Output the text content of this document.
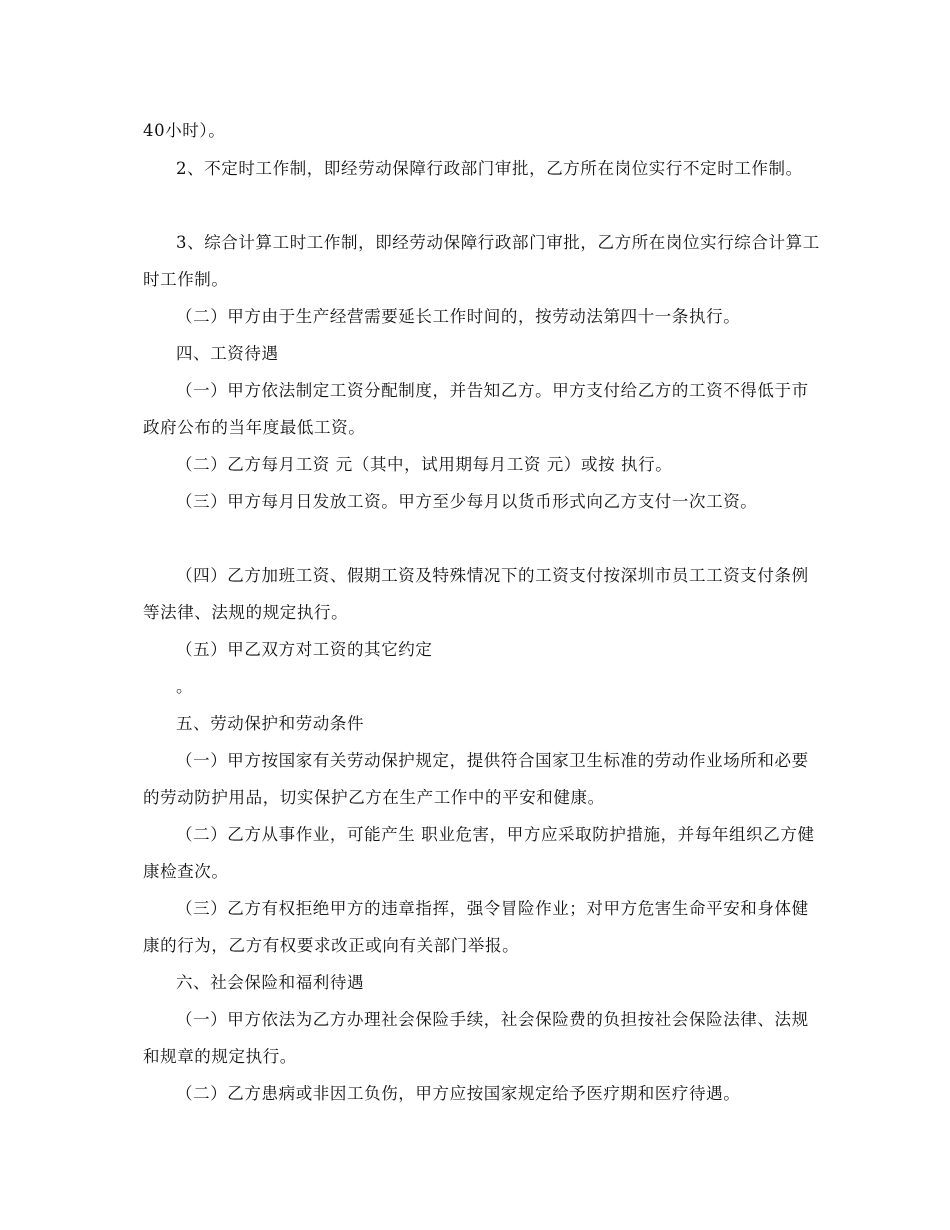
40小时）。

2、不定时工作制，即经劳动保障行政部门审批，乙方所在岗位实行不定时工作制。

3、综合计算工时工作制，即经劳动保障行政部门审批，乙方所在岗位实行综合计算工时工作制。

（二）甲方由于生产经营需要延长工作时间的，按劳动法第四十一条执行。

四、工资待遇

（一）甲方依法制定工资分配制度，并告知乙方。甲方支付给乙方的工资不得低于市政府公布的当年度最低工资。

（二）乙方每月工资 元（其中，试用期每月工资 元）或按 执行。

（三）甲方每月日发放工资。甲方至少每月以货币形式向乙方支付一次工资。

（四）乙方加班工资、假期工资及特殊情况下的工资支付按深圳市员工工资支付条例等法律、法规的规定执行。

（五）甲乙双方对工资的其它约定

。

五、劳动保护和劳动条件

（一）甲方按国家有关劳动保护规定，提供符合国家卫生标准的劳动作业场所和必要的劳动防护用品，切实保护乙方在生产工作中的平安和健康。

（二）乙方从事作业，可能产生 职业危害，甲方应采取防护措施，并每年组织乙方健康检查次。

（三）乙方有权拒绝甲方的违章指挥，强令冒险作业；对甲方危害生命平安和身体健康的行为，乙方有权要求改正或向有关部门举报。

六、社会保险和福利待遇

（一）甲方依法为乙方办理社会保险手续，社会保险费的负担按社会保险法律、法规和规章的规定执行。

（二）乙方患病或非因工负伤，甲方应按国家规定给予医疗期和医疗待遇。
